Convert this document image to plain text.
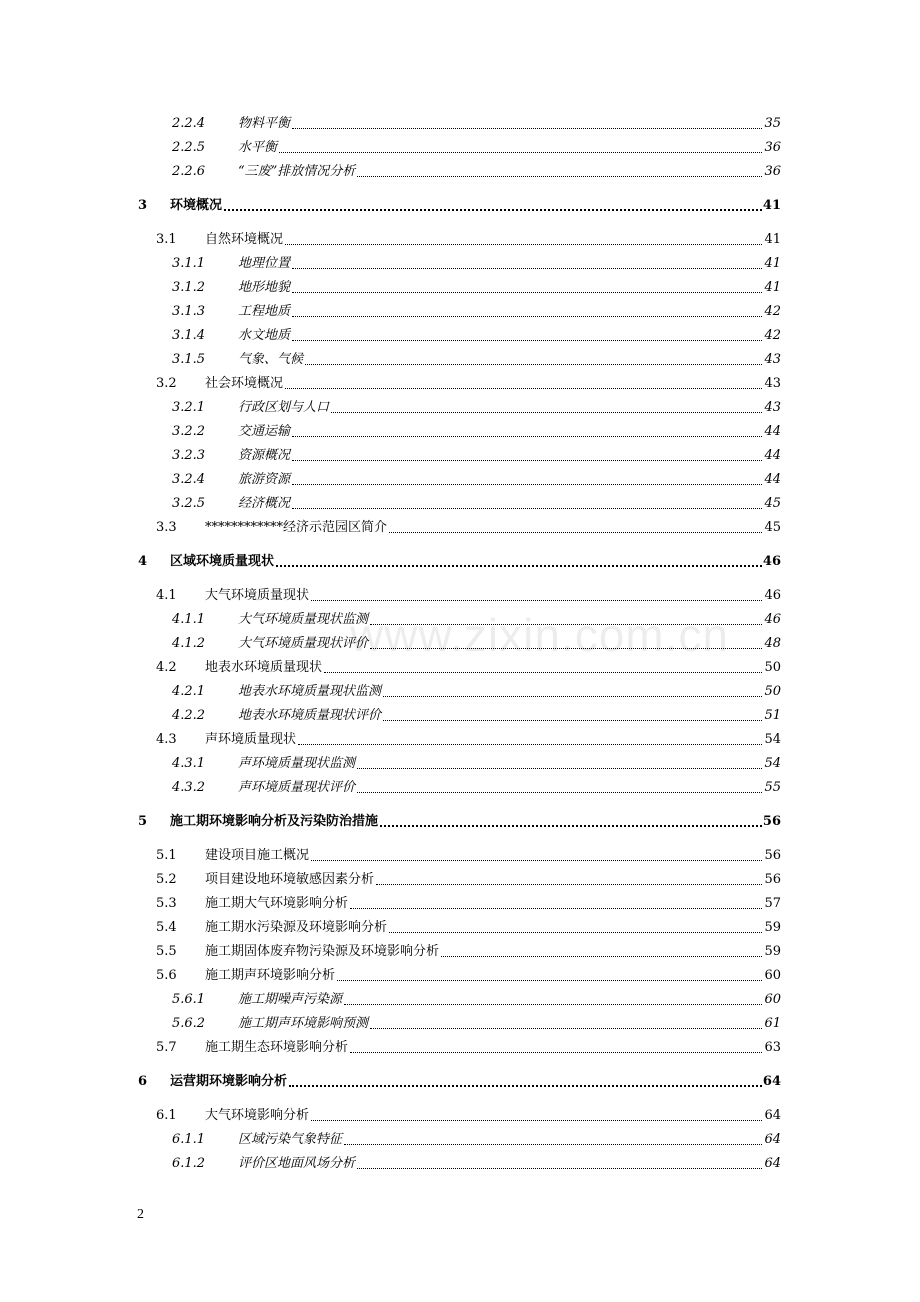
2.2.4	物料平衡	35
2.2.5	水平衡	36
2.2.6	“三废”排放情况分析	36
3 环境概况	41
3.1 自然环境概况	41
3.1.1	地理位置	41
3.1.2	地形地貌	41
3.1.3	工程地质	42
3.1.4	水文地质	42
3.1.5	气象、气候	43
3.2 社会环境概况	43
3.2.1	行政区划与人口	43
3.2.2	交通运输	44
3.2.3	资源概况	44
3.2.4	旅游资源	44
3.2.5	经济概况	45
3.3 ************经济示范园区简介	45
4 区域环境质量现状	46
4.1 大气环境质量现状	46
4.1.1	大气环境质量现状监测	46
4.1.2	大气环境质量现状评价	48
4.2 地表水环境质量现状	50
4.2.1	地表水环境质量现状监测	50
4.2.2	地表水环境质量现状评价	51
4.3 声环境质量现状	54
4.3.1	声环境质量现状监测	54
4.3.2	声环境质量现状评价	55
5 施工期环境影响分析及污染防治措施	56
5.1 建设项目施工概况	56
5.2 项目建设地环境敏感因素分析	56
5.3 施工期大气环境影响分析	57
5.4 施工期水污染源及环境影响分析	59
5.5 施工期固体废弃物污染源及环境影响分析	59
5.6 施工期声环境影响分析	60
5.6.1	施工期噪声污染源	60
5.6.2	施工期声环境影响预测	61
5.7 施工期生态环境影响分析	63
6 运营期环境影响分析	64
6.1 大气环境影响分析	64
6.1.1	区域污染气象特征	64
6.1.2	评价区地面风场分析	64
www.zixin.com.cn
2
